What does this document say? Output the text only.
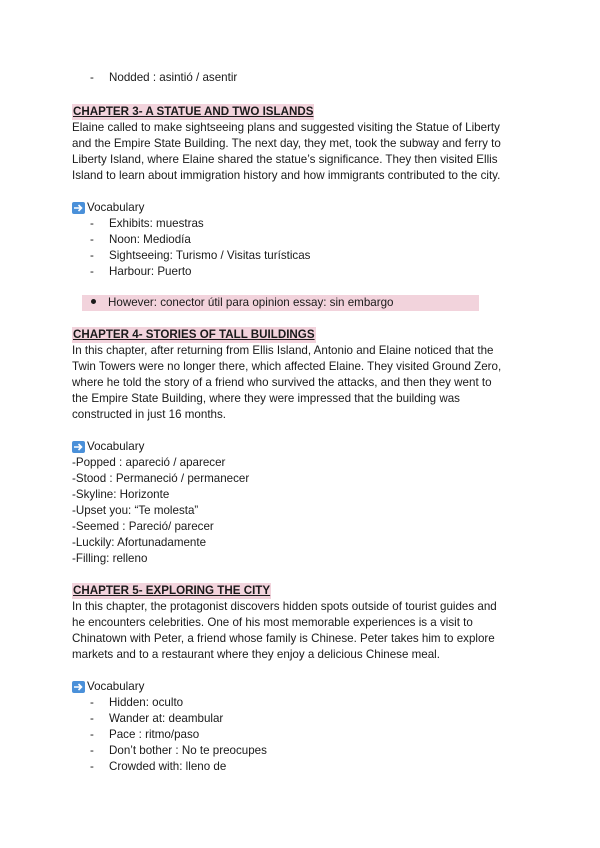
- Nodded : asintió / asentir
CHAPTER 3- A STATUE AND TWO ISLANDS
Elaine called to make sightseeing plans and suggested visiting the Statue of Liberty
and the Empire State Building. The next day, they met, took the subway and ferry to
Liberty Island, where Elaine shared the statue’s significance. They then visited Ellis
Island to learn about immigration history and how immigrants contributed to the city.
Vocabulary
- Exhibits: muestras
- Noon: Mediodía
- Sightseeing: Turismo / Visitas turísticas
- Harbour: Puerto
However: conector útil para opinion essay: sin embargo
CHAPTER 4- STORIES OF TALL BUILDINGS
In this chapter, after returning from Ellis Island, Antonio and Elaine noticed that the
Twin Towers were no longer there, which affected Elaine. They visited Ground Zero,
where he told the story of a friend who survived the attacks, and then they went to
the Empire State Building, where they were impressed that the building was
constructed in just 16 months.
Vocabulary
-Popped : apareció / aparecer
-Stood : Permaneció / permanecer
-Skyline: Horizonte
-Upset you: “Te molesta”
-Seemed : Pareció/ parecer
-Luckily: Afortunadamente
-Filling: relleno
CHAPTER 5- EXPLORING THE CITY
In this chapter, the protagonist discovers hidden spots outside of tourist guides and
he encounters celebrities. One of his most memorable experiences is a visit to
Chinatown with Peter, a friend whose family is Chinese. Peter takes him to explore
markets and to a restaurant where they enjoy a delicious Chinese meal.
Vocabulary
- Hidden: oculto
- Wander at: deambular
- Pace : ritmo/paso
- Don’t bother : No te preocupes
- Crowded with: lleno de
